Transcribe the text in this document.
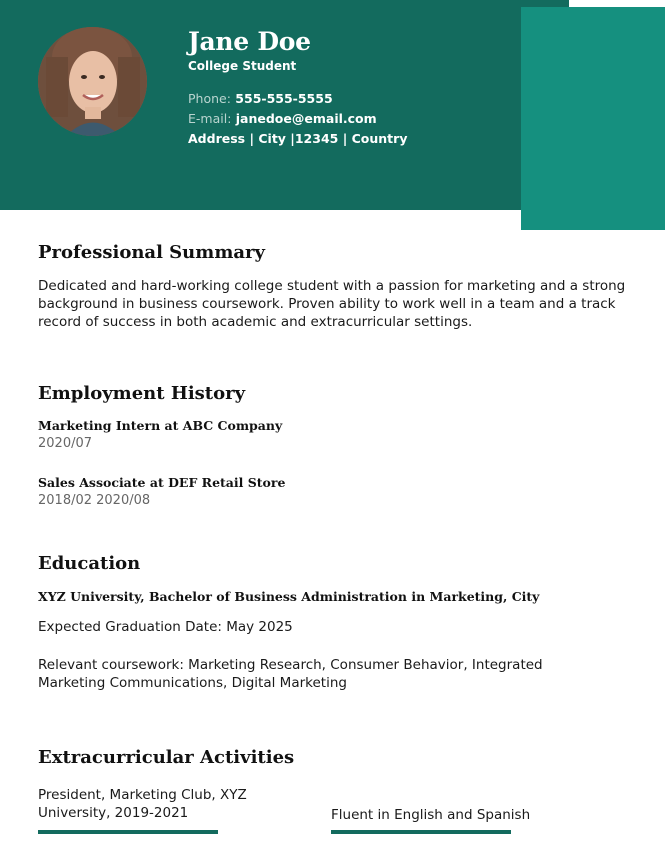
Jane Doe
College Student
Phone: 555-555-5555
E-mail: janedoe@email.com
Address | City |12345 | Country
Professional Summary
Dedicated and hard-working college student with a passion for marketing and a strong background in business coursework. Proven ability to work well in a team and a track record of success in both academic and extracurricular settings.
Employment History
Marketing Intern at ABC Company
2020/07
Sales Associate at DEF Retail Store
2018/02 2020/08
Education
XYZ University, Bachelor of Business Administration in Marketing, City
Expected Graduation Date: May 2025
Relevant coursework: Marketing Research, Consumer Behavior, Integrated Marketing Communications, Digital Marketing
Extracurricular Activities
President, Marketing Club, XYZ University, 2019-2021	Fluent in English and Spanish
